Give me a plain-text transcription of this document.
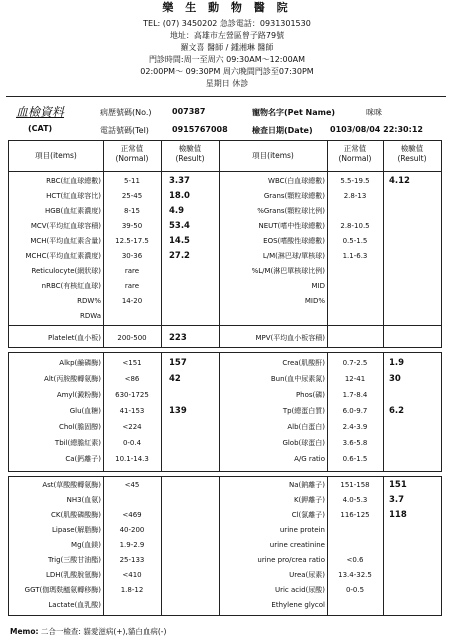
樂 生 動 物 醫 院
TEL: (07) 3450202 急診電話：0931301530
地址：高雄市左營區曾子路79號
羅文喜 醫師 / 鍾湘琳 醫師
門診時間:周一至周六 09:30AM～12:00AM
02:00PM～ 09:30PM 周六晚間門診至07:30PM
星期日 休診
血檢資料
(CAT)
病歷號碼(No.)	007387	寵物名字(Pet Name)	咪咪
電話號碼(Tel)	0915767008	檢查日期(Date) 0103/08/04 22:30:12
項目(items)
正常值
(Normal)
檢驗值
(Result)	項目(items)
正常值
(Normal)
檢驗值
(Result)
RBC(紅血球總數)	5-11	3.37
HCT(紅血球容比)	25-45	18.0
HGB(血紅素濃度)	8-15	4.9
MCV(平均紅血球容積)	39-50	53.4
MCH(平均血紅素含量)	12.5-17.5	14.5
MCHC(平均血紅素濃度)	30-36	27.2
Reticulocyte(網狀球)	rare
nRBC(有核紅血球)	rare
RDW%	14-20
RDWa
WBC(白血球總數)	5.5-19.5	4.12
Grans(顆粒球總數)	2.8-13
%Grans(顆粒球比例)
NEUT(嗜中性球總數)	2.8-10.5
EOS(嗜酸性球總數)	0.5-1.5
L/M(淋巴球/單核球)	1.1-6.3
%L/M(淋巴單核球比例)
MID
MID%
Platelet(血小板)	200-500	223	MPV(平均血小板容積)
Alkp(鹼磷酶)	<151	157
Alt(丙胺酸轉氨酶)	<86	42
Amyl(澱粉酶)	630-1725
Glu(血糖)	41-153	139
Chol(膽固醇)	<224
Tbil(總膽紅素)	0-0.4
Ca(鈣離子)	10.1-14.3
Crea(肌酸酐)	0.7-2.5	1.9
Bun(血中尿素氮)	12-41	30
Phos(磷)	1.7-8.4
Tp(總蛋白質)	6.0-9.7	6.2
Alb(白蛋白)	2.4-3.9
Glob(球蛋白)	3.6-5.8
A/G ratio	0.6-1.5
Ast(草酸酸轉氨酶)	<45
NH3(血氨)
CK(肌酸磷酸酶)	<469
Lipase(解脂酶)	40-200
Mg(血鎂)	1.9-2.9
Trig(三酸甘油酯)	25-133
LDH(乳酸脫氫酶)	<410
GGT(伽瑪麩醯氨轉移酶)	1.8-12
Lactate(血乳酸)
Na(鈉離子)	151-158	151
K(鉀離子)	4.0-5.3	3.7
Cl(氯離子)	116-125	118
urine protein
urine creatinine
urine pro/crea ratio	<0.6
Urea(尿素)	13.4-32.5
Uric acid(尿酸)	0-0.5
Ethylene glycol
Memo: 二合一檢查: 貓愛滋病(+),貓白血病(-)
